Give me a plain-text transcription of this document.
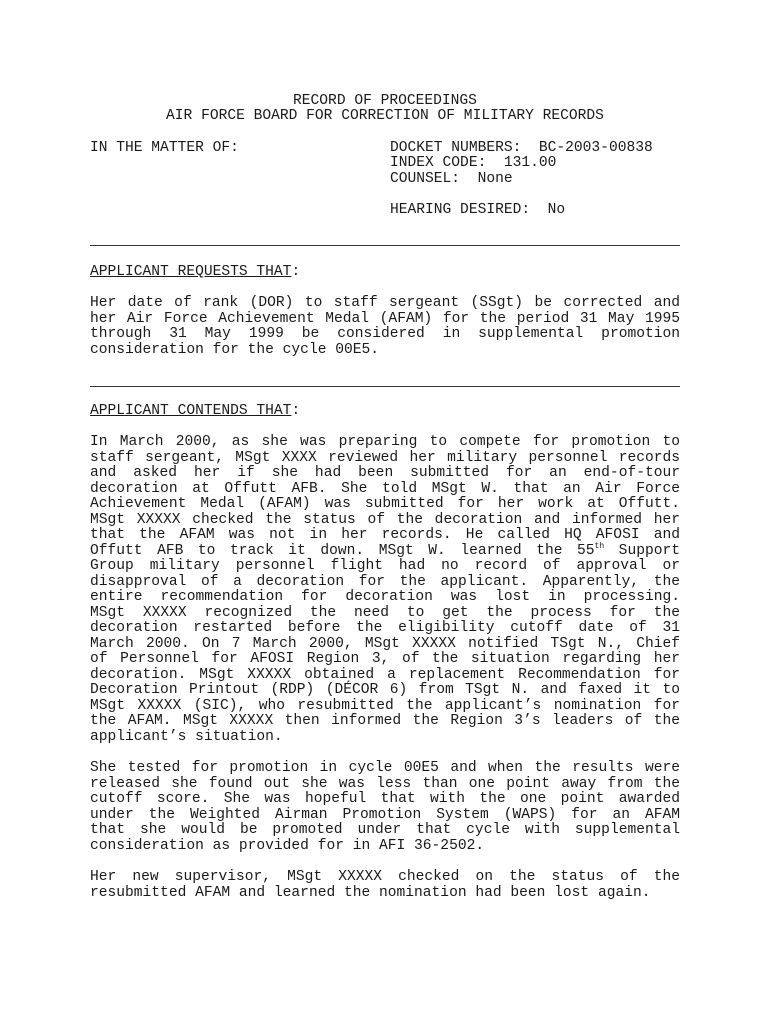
RECORD OF PROCEEDINGS
AIR FORCE BOARD FOR CORRECTION OF MILITARY RECORDS
IN THE MATTER OF:	DOCKET NUMBERS:  BC-2003-00838
INDEX CODE:  131.00
COUNSEL:  None
HEARING DESIRED:  No
APPLICANT REQUESTS THAT:
Her date of rank (DOR) to staff sergeant (SSgt) be corrected and
her Air Force Achievement Medal (AFAM) for the period 31 May 1995
through 31 May 1999 be considered in supplemental promotion
consideration for the cycle 00E5.
APPLICANT CONTENDS THAT:
In March 2000, as she was preparing to compete for promotion to
staff sergeant, MSgt XXXX reviewed her military personnel records
and asked her if she had been submitted for an end-of-tour
decoration at Offutt AFB. She told MSgt W. that an Air Force
Achievement Medal (AFAM) was submitted for her work at Offutt.
MSgt XXXXX checked the status of the decoration and informed her
that the AFAM was not in her records. He called HQ AFOSI and
Offutt AFB to track it down. MSgt W. learned the 55th Support
Group military personnel flight had no record of approval or
disapproval of a decoration for the applicant. Apparently, the
entire recommendation for decoration was lost in processing.
MSgt XXXXX recognized the need to get the process for the
decoration restarted before the eligibility cutoff date of 31
March 2000. On 7 March 2000, MSgt XXXXX notified TSgt N., Chief
of Personnel for AFOSI Region 3, of the situation regarding her
decoration. MSgt XXXXX obtained a replacement Recommendation for
Decoration Printout (RDP) (DÉCOR 6) from TSgt N. and faxed it to
MSgt XXXXX (SIC), who resubmitted the applicant’s nomination for
the AFAM. MSgt XXXXX then informed the Region 3’s leaders of the
applicant’s situation.
She tested for promotion in cycle 00E5 and when the results were
released she found out she was less than one point away from the
cutoff score. She was hopeful that with the one point awarded
under the Weighted Airman Promotion System (WAPS) for an AFAM
that she would be promoted under that cycle with supplemental
consideration as provided for in AFI 36-2502.
Her new supervisor, MSgt XXXXX checked on the status of the
resubmitted AFAM and learned the nomination had been lost again.
